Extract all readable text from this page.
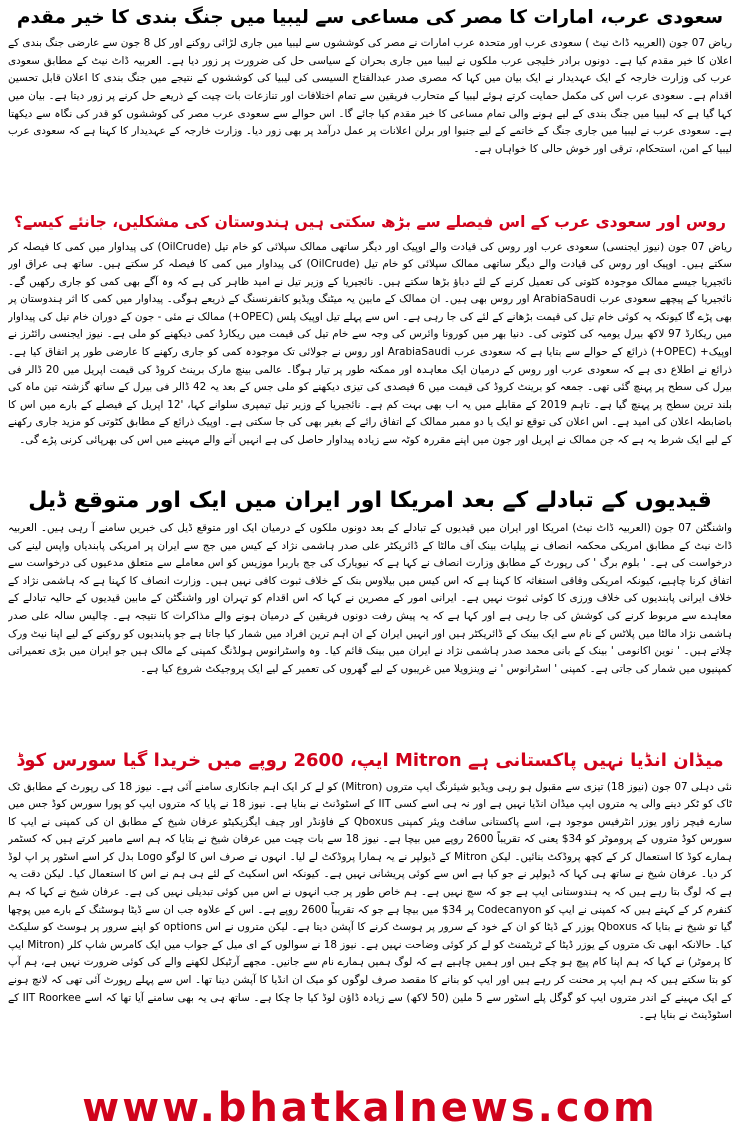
سعودی عرب، امارات کا مصر کی مساعی سے لیبیا میں جنگ بندی کا خیر مقدم

ریاض 07 جون (العربیہ ڈاٹ نیٹ ) سعودی عرب اور متحدہ عرب امارات نے مصر کی کوششوں سے لیبیا میں جاری لڑائی روکنے اور کل 8 جون سے عارضی جنگ بندی کے اعلان کا خیر مقدم کیا ہے۔ دونوں برادر خلیجی عرب ملکوں نے لیبیا میں جاری بحران کے سیاسی حل کی ضرورت پر زور دیا ہے۔ العربیہ ڈاٹ نیٹ کے مطابق سعودی عرب کی وزارت خارجہ کے ایک عہدیدار نے ایک بیان میں کہا کہ مصری صدر عبدالفتاح السیسی کی لیبیا کی کوششوں کے نتیجے میں جنگ بندی کا اعلان قابل تحسین اقدام ہے۔ سعودی عرب اس کی مکمل حمایت کرتے ہوئے لیبیا کے متحارب فریقین سے تمام اختلافات اور تنازعات بات چیت کے ذریعے حل کرنے پر زور دیتا ہے۔ بیان میں کہا گیا ہے کہ لیبیا میں جنگ بندی کے لیے ہونے والی تمام مساعی کا خیر مقدم کیا جائے گا۔ اس حوالے سے سعودی عرب مصر کی کوششوں کو قدر کی نگاہ سے دیکھتا ہے۔ سعودی عرب نے لیبیا میں جاری جنگ کے خاتمے کے لیے جنیوا اور برلن اعلانات پر عمل درآمد پر بھی زور دیا۔ وزارت خارجہ کے عہدیدار کا کہنا ہے کہ سعودی عرب لیبیا کے امن، استحکام، ترقی اور خوش حالی کا خواہاں ہے۔

روس اور سعودی عرب کے اس فیصلے سے بڑھ سکتی ہیں ہندوستان کی مشکلیں، جانئے کیسے؟

ریاض 07 جون (نیوز ایجنسی) سعودی عرب اور روس کی قیادت والے اوپیک اور دیگر ساتھی ممالک سپلائی کو خام تیل (OilCrude) کی پیداوار میں کمی کا فیصلہ کر سکتے ہیں۔ اوپیک اور روس کی قیادت والے دیگر ساتھی ممالک سپلائی کو خام تیل (OilCrude) کی پیداوار میں کمی کا فیصلہ کر سکتے ہیں۔ ساتھ ہی عراق اور نائجیریا جیسے ممالک موجودہ کٹوتی کی تعمیل کرنے کے لئے دباؤ بڑھا سکتے ہیں۔ نائجیریا کے وزیر تیل نے امید ظاہر کی ہے کہ وہ آگے بھی کمی کو جاری رکھیں گے۔ نائجیریا کے پیچھے سعودی عرب ArabiaSaudi اور روس بھی ہیں۔ ان ممالک کے مابین یہ میٹنگ ویڈیو کانفرنسنگ کے ذریعے ہوگی۔ پیداوار میں کمی کا اثر ہندوستان پر بھی پڑے گا کیونکہ یہ کوئی خام تیل کی قیمت بڑھانے کے لئے کی جا رہی ہے۔ اس سے پہلے تیل اوپیک پلس (OPEC+) ممالک نے مئی - جون کے دوران خام تیل کی پیداوار میں ریکارڈ 97 لاکھ بیرل یومیہ کی کٹوتی کی۔ دنیا بھر میں کورونا وائرس کی وجہ سے خام تیل کی قیمت میں ریکارڈ کمی دیکھنے کو ملی ہے۔ نیوز ایجنسی رائٹرز نے اوپیک+ (OPEC+) ذرائع کے حوالے سے بتایا ہے کہ سعودی عرب ArabiaSaudi اور روس نے جولائی تک موجودہ کمی کو جاری رکھنے کا عارضی طور پر اتفاق کیا ہے۔ ذرائع نے اطلاع دی ہے کہ سعودی عرب اور روس کے درمیان ایک معاہدہ اور ممکنہ طور پر تیار ہوگا۔ عالمی بینچ مارک برینٹ کروڈ کی قیمت اپریل میں 20 ڈالر فی بیرل کی سطح پر پہنچ گئی تھی۔ جمعہ کو برینٹ کروڈ کی قیمت میں 6 فیصدی کی تیزی دیکھنے کو ملی جس کے بعد یہ 42 ڈالر فی بیرل کے ساتھ گزشتہ تین ماہ کی بلند ترین سطح پر پہنچ گیا ہے۔ تاہم 2019 کے مقابلے میں یہ اب بھی بہت کم ہے۔ نائجیریا کے وزیر تیل تیمپری سلوانے کہا، '12 اپریل کے فیصلے کے بارے میں اس کا باضابطہ اعلان کی امید ہے۔ اس اعلان کی توقع تو ایک یا دو ممبر ممالک کے اتفاق رائے کے بغیر بھی کی جا سکتی ہے۔ اوپیک ذرائع کے مطابق کٹوتی کو مزید جاری رکھنے کے لیے ایک شرط یہ ہے کہ جن ممالک نے اپریل اور جون میں اپنے مقررہ کوٹہ سے زیادہ پیداوار حاصل کی ہے انہیں آنے والے مہینے میں اس کی بھرپائی کرنی پڑے گی۔

قیدیوں کے تبادلے کے بعد امریکا اور ایران میں ایک اور متوقع ڈیل

واشنگٹن 07 جون (العربیہ ڈاٹ نیٹ) امریکا اور ایران میں قیدیوں کے تبادلے کے بعد دونوں ملکوں کے درمیان ایک اور متوقع ڈیل کی خبریں سامنے آ رہی ہیں۔ العربیہ ڈاٹ نیٹ کے مطابق امریکی محکمہ انصاف نے پیلیات بینک آف مالٹا کے ڈائریکٹر علی صدر ہاشمی نژاد کے کیس میں جج سے ایران پر امریکی پابندیاں واپس لینے کی درخواست کی ہے۔ ' بلوم برگ ' کی رپورٹ کے مطابق وزارت انصاف نے کہا ہے کہ نیویارک کی جج باربرا موزیس کو اس معاملے سے متعلق مدعیوں کی درخواست سے اتفاق کرنا چاہیے، کیونکہ امریکی وفاقی استغاثہ کا کہنا ہے کہ اس کیس میں بیلاوس بنک کے خلاف ثبوت کافی نہیں ہیں۔ وزارت انصاف کا کہنا ہے کہ ہاشمی نژاد کے خلاف ایرانی پابندیوں کی خلاف ورزی کا کوئی ثبوت نہیں ہے۔ ایرانی امور کے مصرین نے کہا کہ اس اقدام کو تہران اور واشنگٹن کے مابین قیدیوں کے حالیہ تبادلے کے معاہدے سے مربوط کرنے کی کوشش کی جا رہی ہے اور کہا ہے کہ یہ پیش رفت دونوں فریقین کے درمیان ہونے والے مذاکرات کا نتیجہ ہے۔ چالیس سالہ علی صدر ہاشمی نژاد مالٹا میں پلاٹس کے نام سے ایک بینک کے ڈائریکٹر ہیں اور انہیں ایران کے ان اہم ترین افراد میں شمار کیا جاتا ہے جو پابندیوں کو روکنے کے لیے اپنا نیٹ ورک چلاتے ہیں۔ ' نوین اکانومی ' بینک کے بانی محمد صدر ہاشمی نژاد نے ایران میں بینک قائم کیا۔ وہ واسٹرانوس ہولڈنگ کمپنی کے مالک ہیں جو ایران میں بڑی تعمیراتی کمپنیوں میں شمار کی جاتی ہے۔ کمپنی ' اسٹرانوس ' نے وینزویلا میں غریبوں کے لیے گھروں کی تعمیر کے لیے ایک پروجیکٹ شروع کیا ہے۔

میڈان انڈیا نہیں پاکستانی ہے Mitron ایپ، 2600 روپے میں خریدا گیا سورس کوڈ

نئی دہلی 07 جون (نیوز 18) تیزی سے مقبول ہو رہی ویڈیو شیئرنگ ایپ متروں (Mitron) کو لے کر ایک اہم جانکاری سامنے آئی ہے۔ نیوز 18 کی رپورٹ کے مطابق ٹک ٹاک کو ٹکر دینے والی یہ متروں ایپ میڈان انڈیا نہیں ہے اور نہ ہی اسے کسی IIT کے اسٹوڈنٹ نے بنایا ہے۔ نیوز 18 نے پایا کہ متروں ایپ کو پورا سورس کوڈ جس میں سارے فیچر زاور یوزر انٹرفیس موجود ہے، اسے پاکستانی سافٹ ویئر کمپنی Qboxus کے فاؤنڈر اور چیف ایگزیکیٹو عرفان شیخ کے مطابق ان کی کمپنی نے ایپ کا سورس کوڈ متروں کے پروموٹر کو 34$ یعنی کہ تقریباً 2600 روپے میں بیچا ہے۔ نیوز 18 سے بات چیت میں عرفان شیخ نے بتایا کہ ہم اسے مامیر کرتے ہیں کہ کسٹمر ہمارے کوڈ کا استعمال کر کے کچھ پروڈکٹ بنائیں۔ لیکن Mitron کے ڈیولپر نے یہ ہمارا پروڈکٹ لے لیا۔ انہوں نے صرف اس کا لوگو Logo بدل کر اسے اسٹور پر اپ لوڈ کر دیا۔ عرفان شیخ نے ساتھ ہی کہا کہ ڈیولپر نے جو کیا ہے اس سے کوئی پریشانی نہیں ہے۔ کیونکہ اس اسکیٹ کے لئے ہی ہم نے اس کا استعمال کیا۔ لیکن دقت یہ ہے کہ لوگ بتا رہے ہیں کہ یہ ہندوستانی ایپ ہے جو کہ سچ نہیں ہے۔ ہم خاص طور پر جب انہوں نے اس میں کوئی تبدیلی نہیں کی ہے۔ عرفان شیخ نے کہا کہ ہم کنفرم کر کے کہتے ہیں کہ کمپنی نے ایپ کو Codecanyon پر 34$ میں بیچا ہے جو کہ تقریباً 2600 روپے ہے۔ اس کے علاوہ جب ان سے ڈیٹا ہوسٹنگ کے بارے میں پوچھا گیا تو شیخ نے بتایا کہ Qboxus یوزر کے ڈیٹا کو ان کے خود کے سرور پر ہوسٹ کرنے کا آپشن دیتا ہے۔ لیکن متروں نے اس options کو اپنے سرور پر ہوسٹ کو سلیکٹ کیا۔ حالانکہ ابھی تک متروں کے یوزر ڈیٹا کے ٹریٹمنٹ کو لے کر کوئی وضاحت نہیں ہے۔ نیوز 18 نے سوالوں کے ای میل کے جواب میں ایک کامرس شاپ کلر (Mitron ایپ کا پرموٹر) نے کہا کہ ہم اپنا کام پیچ ہو چکے ہیں اور ہمیں چاہیے ہے کہ لوگ ہمیں ہمارے نام سے جانیں۔ مجھے آرٹیکل لکھنے والے کی کوئی ضرورت نہیں ہے، ہم آپ کو بتا سکتے ہیں کہ ہم ایپ پر محنت کر رہے ہیں اور ایپ کو بنانے کا مقصد صرف لوگوں کو میک ان انڈیا کا آپشن دینا تھا۔ اس سے پہلے رپورٹ آئی تھی کہ لانچ ہونے کے ایک مہینے کے اندر متروں ایپ کو گوگل پلے اسٹور سے 5 ملین (50 لاکھ) سے زیادہ ڈاؤن لوڈ کیا جا چکا ہے۔ ساتھ ہی یہ بھی سامنے آیا تھا کہ اسے IIT Roorkee کے اسٹوڈینٹ نے بنایا ہے۔

www.bhatkalnews.com
